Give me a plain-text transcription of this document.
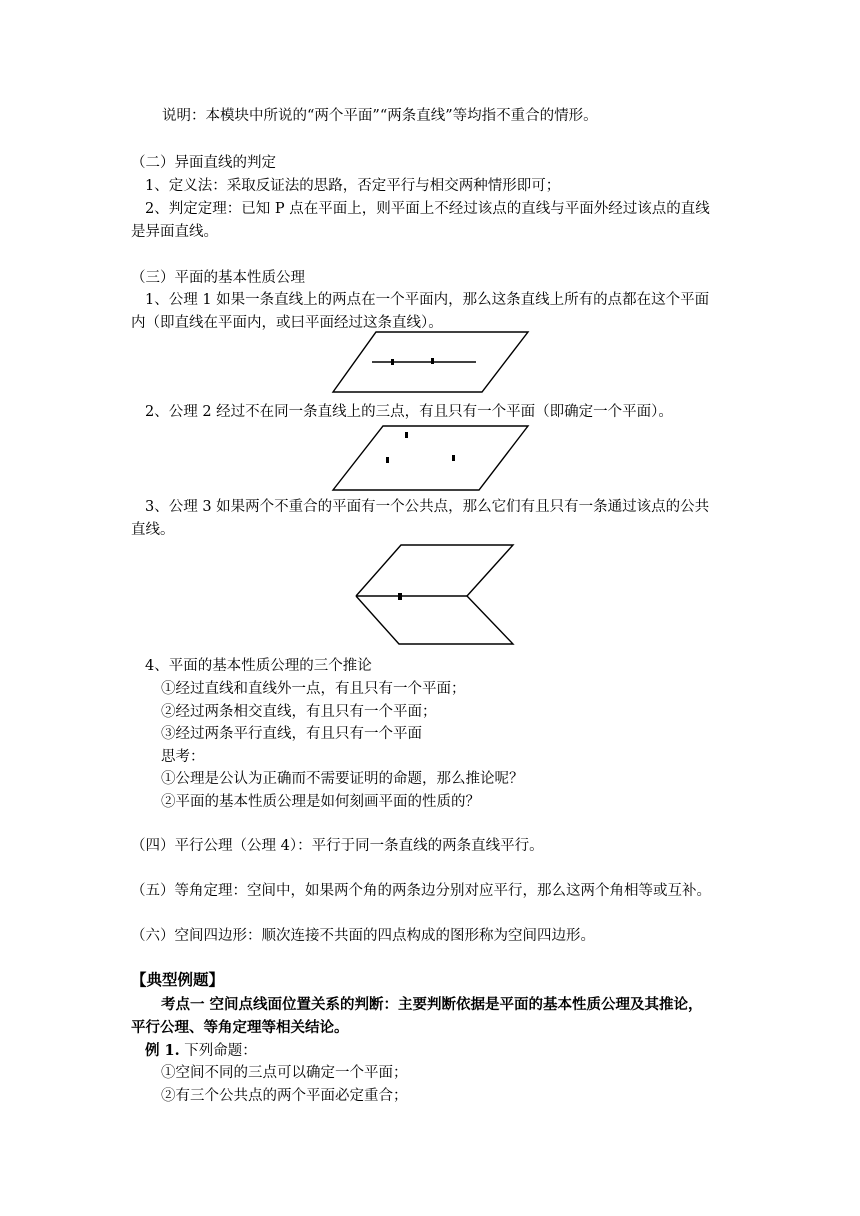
说明：本模块中所说的“两个平面”“两条直线”等均指不重合的情形。
（二）异面直线的判定
1、定义法：采取反证法的思路，否定平行与相交两种情形即可；
2、判定定理：已知 P 点在平面上，则平面上不经过该点的直线与平面外经过该点的直线
是异面直线。
（三）平面的基本性质公理
1、公理 1 如果一条直线上的两点在一个平面内，那么这条直线上所有的点都在这个平面
内（即直线在平面内，或曰平面经过这条直线）。
2、公理 2 经过不在同一条直线上的三点，有且只有一个平面（即确定一个平面）。
3、公理 3 如果两个不重合的平面有一个公共点，那么它们有且只有一条通过该点的公共
直线。
4、平面的基本性质公理的三个推论
①经过直线和直线外一点，有且只有一个平面；
②经过两条相交直线，有且只有一个平面；
③经过两条平行直线，有且只有一个平面
思考：
①公理是公认为正确而不需要证明的命题，那么推论呢？
②平面的基本性质公理是如何刻画平面的性质的？
（四）平行公理（公理 4）：平行于同一条直线的两条直线平行。
（五）等角定理：空间中，如果两个角的两条边分别对应平行，那么这两个角相等或互补。
（六）空间四边形：顺次连接不共面的四点构成的图形称为空间四边形。
【典型例题】
考点一 空间点线面位置关系的判断：主要判断依据是平面的基本性质公理及其推论，
平行公理、等角定理等相关结论。
例 1. 下列命题：
①空间不同的三点可以确定一个平面；
②有三个公共点的两个平面必定重合；
